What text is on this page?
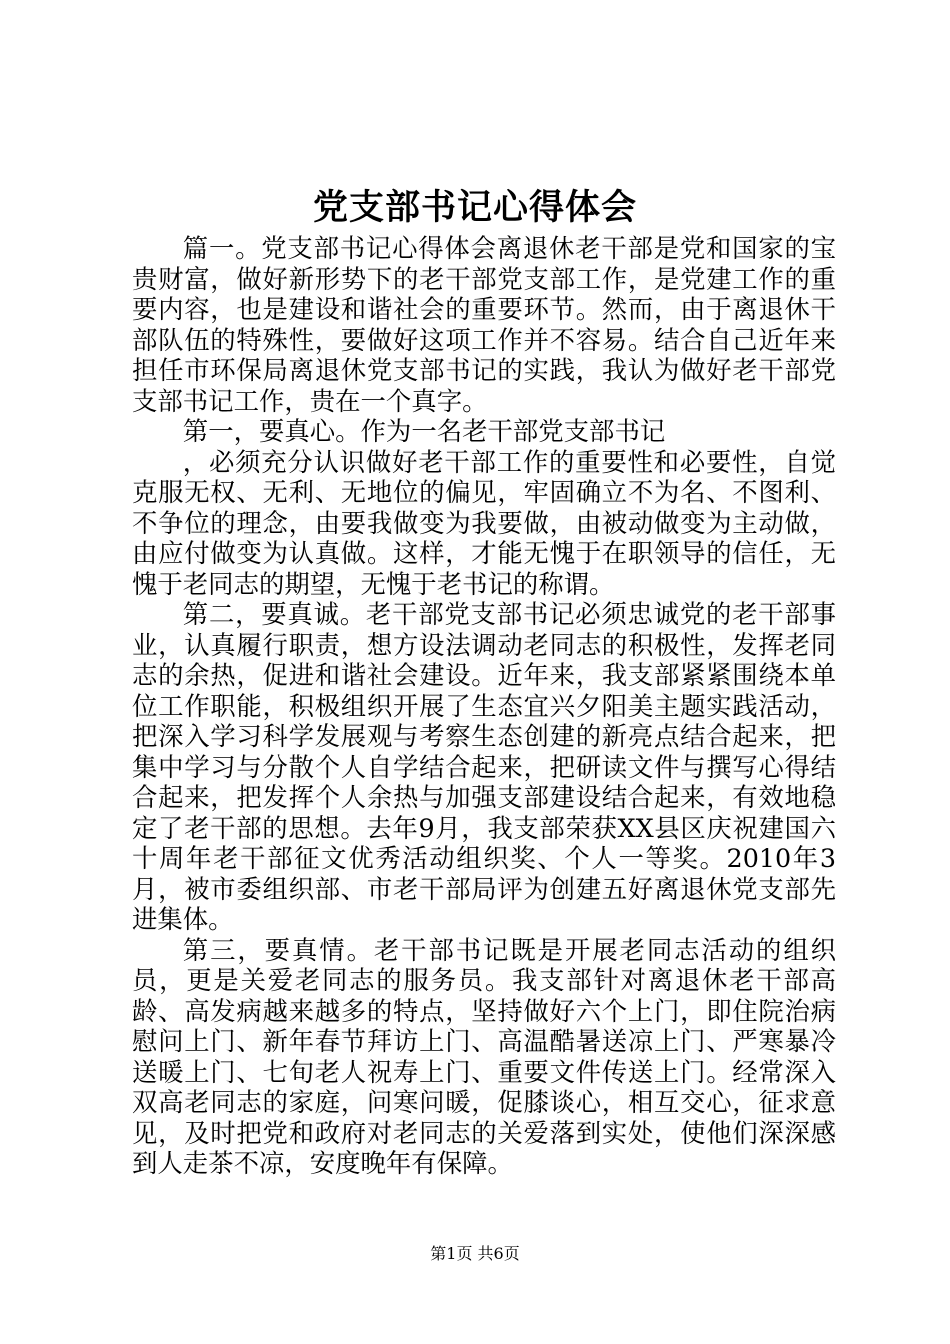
党支部书记心得体会

篇一。党支部书记心得体会离退休老干部是党和国家的宝贵财富，做好新形势下的老干部党支部工作，是党建工作的重要内容，也是建设和谐社会的重要环节。然而，由于离退休干部队伍的特殊性，要做好这项工作并不容易。结合自己近年来担任市环保局离退休党支部书记的实践，我认为做好老干部党支部书记工作，贵在一个真字。

第一，要真心。作为一名老干部党支部书记

，必须充分认识做好老干部工作的重要性和必要性，自觉克服无权、无利、无地位的偏见，牢固确立不为名、不图利、不争位的理念，由要我做变为我要做，由被动做变为主动做，由应付做变为认真做。这样，才能无愧于在职领导的信任，无愧于老同志的期望，无愧于老书记的称谓。

第二，要真诚。老干部党支部书记必须忠诚党的老干部事业，认真履行职责，想方设法调动老同志的积极性，发挥老同志的余热，促进和谐社会建设。近年来，我支部紧紧围绕本单位工作职能，积极组织开展了生态宜兴夕阳美主题实践活动，把深入学习科学发展观与考察生态创建的新亮点结合起来，把集中学习与分散个人自学结合起来，把研读文件与撰写心得结合起来，把发挥个人余热与加强支部建设结合起来，有效地稳定了老干部的思想。去年9月，我支部荣获XX县区庆祝建国六十周年老干部征文优秀活动组织奖、个人一等奖。2010年3月，被市委组织部、市老干部局评为创建五好离退休党支部先进集体。

第三，要真情。老干部书记既是开展老同志活动的组织员，更是关爱老同志的服务员。我支部针对离退休老干部高龄、高发病越来越多的特点，坚持做好六个上门，即住院治病慰问上门、新年春节拜访上门、高温酷暑送凉上门、严寒暴冷送暖上门、七旬老人祝寿上门、重要文件传送上门。经常深入双高老同志的家庭，问寒问暖，促膝谈心，相互交心，征求意见，及时把党和政府对老同志的关爱落到实处，使他们深深感到人走茶不凉，安度晚年有保障。

第1页 共6页
